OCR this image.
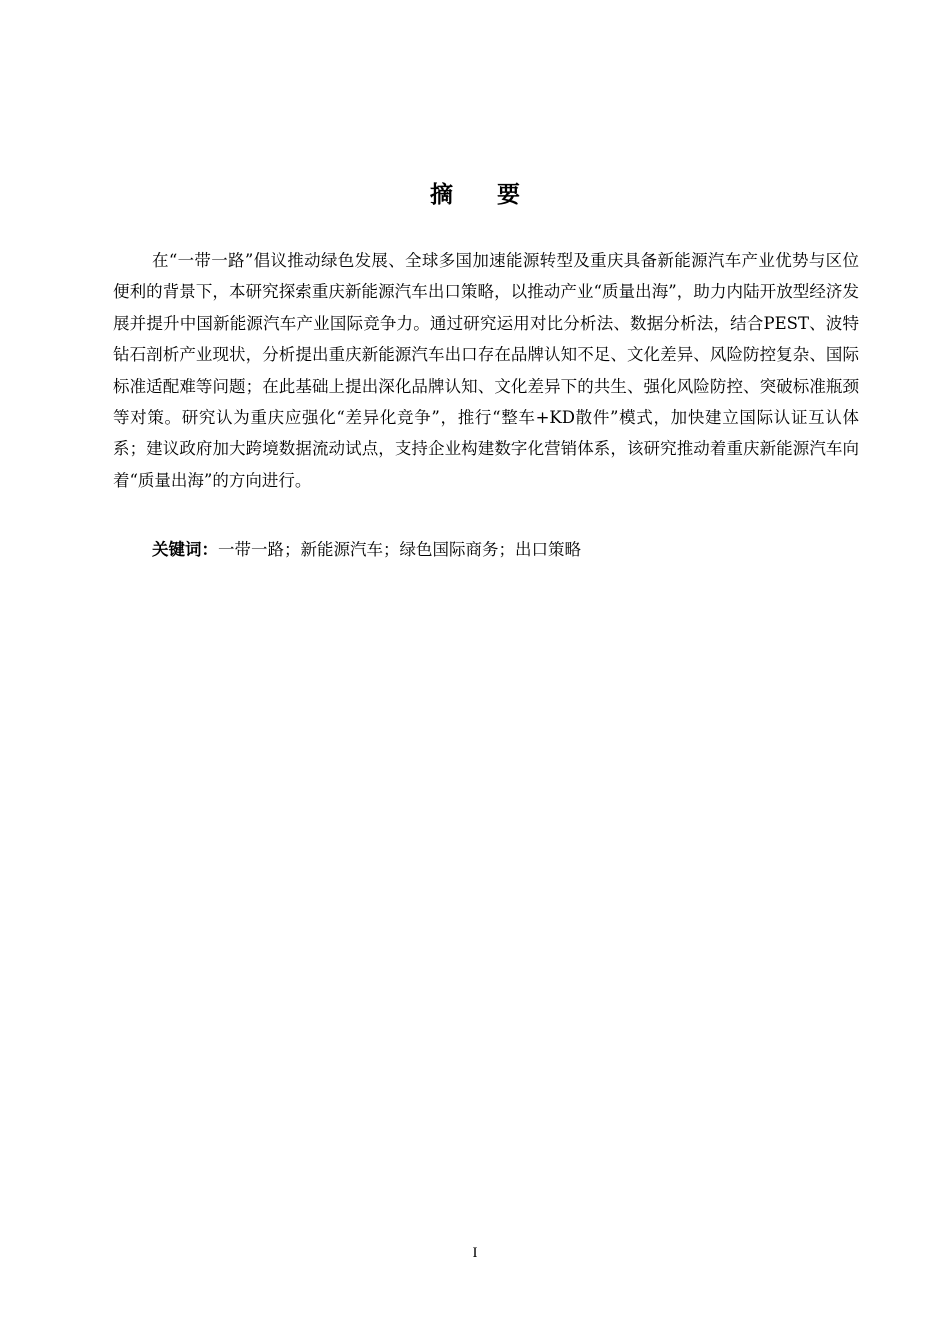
摘 要

在“一带一路”倡议推动绿色发展、全球多国加速能源转型及重庆具备新能源汽车产业优势与区位便利的背景下，本研究探索重庆新能源汽车出口策略，以推动产业“质量出海”，助力内陆开放型经济发展并提升中国新能源汽车产业国际竞争力。通过研究运用对比分析法、数据分析法，结合PEST、波特钻石剖析产业现状，分析提出重庆新能源汽车出口存在品牌认知不足、文化差异、风险防控复杂、国际标准适配难等问题；在此基础上提出深化品牌认知、文化差异下的共生、强化风险防控、突破标准瓶颈等对策。研究认为重庆应强化“差异化竞争”，推行“整车+KD散件”模式，加快建立国际认证互认体系；建议政府加大跨境数据流动试点，支持企业构建数字化营销体系，该研究推动着重庆新能源汽车向着“质量出海”的方向进行。

关键词：一带一路；新能源汽车；绿色国际商务；出口策略

I
